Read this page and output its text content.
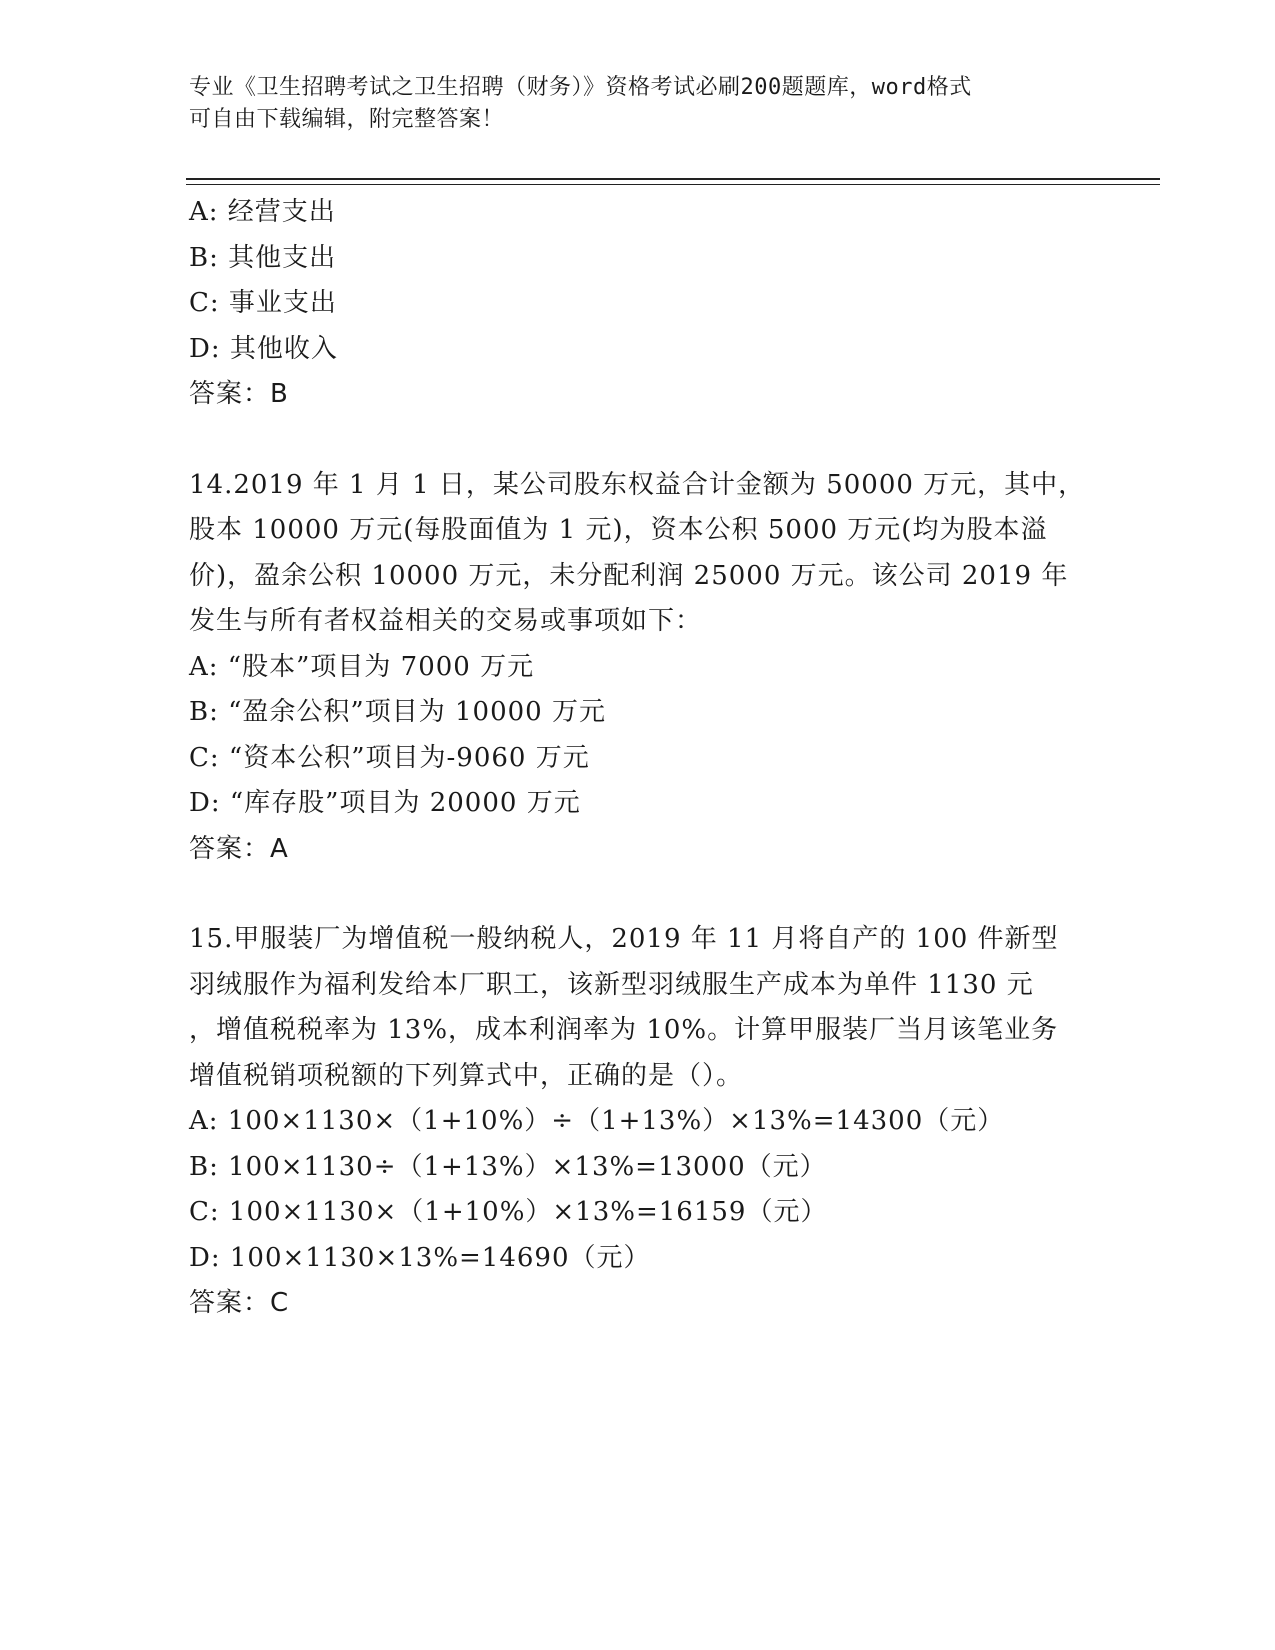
专业《卫生招聘考试之卫生招聘（财务）》资格考试必刷200题题库，word格式
可自由下载编辑，附完整答案！
A: 经营支出
B: 其他支出
C: 事业支出
D: 其他收入
答案：B
14.2019 年 1 月 1 日，某公司股东权益合计金额为 50000 万元，其中，
股本 10000 万元(每股面值为 1 元)，资本公积 5000 万元(均为股本溢
价)，盈余公积 10000 万元，未分配利润 25000 万元。该公司 2019 年
发生与所有者权益相关的交易或事项如下：
A: “股本”项目为 7000 万元
B: “盈余公积”项目为 10000 万元
C: “资本公积”项目为-9060 万元
D: “库存股”项目为 20000 万元
答案：A
15.甲服装厂为增值税一般纳税人，2019 年 11 月将自产的 100 件新型
羽绒服作为福利发给本厂职工，该新型羽绒服生产成本为单件 1130 元
，增值税税率为 13%，成本利润率为 10%。计算甲服装厂当月该笔业务
增值税销项税额的下列算式中，正确的是（）。
A: 100×1130×（1+10%）÷（1+13%）×13%=14300（元）
B: 100×1130÷（1+13%）×13%=13000（元）
C: 100×1130×（1+10%）×13%=16159（元）
D: 100×1130×13%=14690（元）
答案：C
